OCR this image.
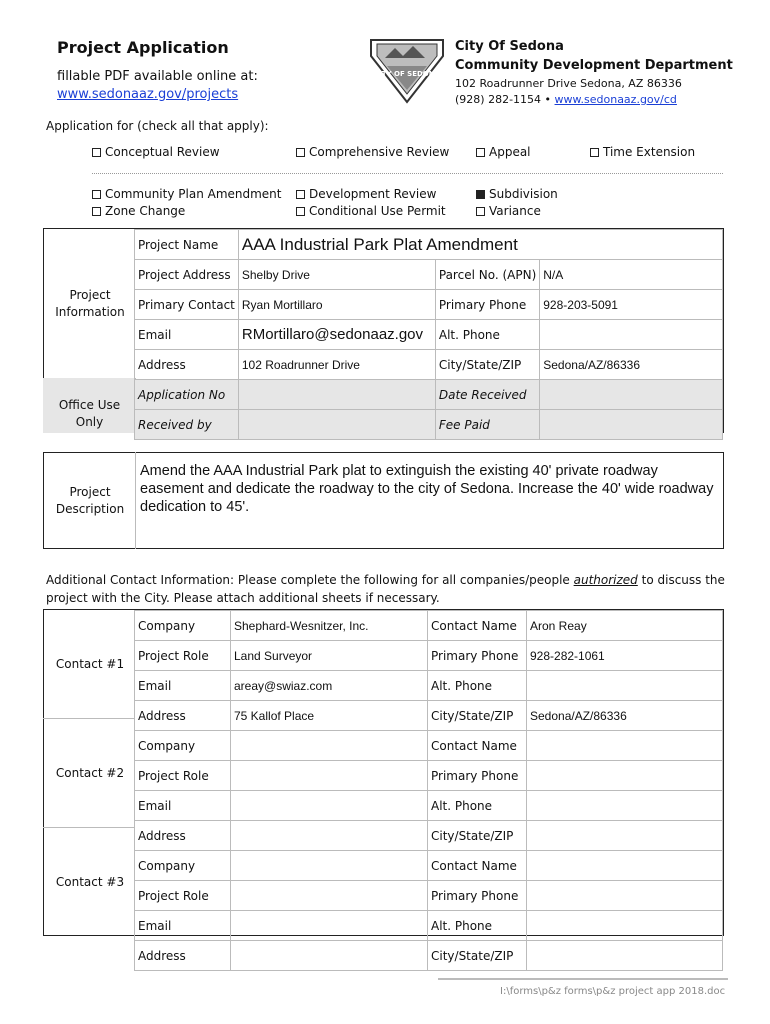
Project Application
fillable PDF available online at:
www.sedonaaz.gov/projects
CITY OF SEDONA
City Of Sedona
Community Development Department
102 Roadrunner Drive Sedona, AZ 86336
(928) 282-1154 • www.sedonaaz.gov/cd
Application for (check all that apply):
Conceptual Review	Comprehensive Review	Appeal	Time Extension
Community Plan Amendment
Zone Change
Development Review
Conditional Use Permit
Subdivision
Variance
Project Information
Office Use Only
Project Name	AAA Industrial Park Plat Amendment		
Project Address	Shelby Drive	Parcel No. (APN)	N/A
Primary Contact	Ryan Mortillaro	Primary Phone	928-203-5091
Email	RMortillaro@sedonaaz.gov	Alt. Phone	
Address	102 Roadrunner Drive	City/State/ZIP	Sedona/AZ/86336
Application No		Date Received	
Received by		Fee Paid	
Project Description
Amend the AAA Industrial Park plat to extinguish the existing 40' private roadway easement and dedicate the roadway to the city of Sedona. Increase the 40' wide roadway dedication to 45'.
Additional Contact Information: Please complete the following for all companies/people authorized to discuss the project with the City. Please attach additional sheets if necessary.
Contact #1
Contact #2
Contact #3
Company	Shephard-Wesnitzer, Inc.	Contact Name	Aron Reay
Project Role	Land Surveyor	Primary Phone	928-282-1061
Email	areay@swiaz.com	Alt. Phone	
Address	75 Kallof Place	City/State/ZIP	Sedona/AZ/86336
Company		Contact Name	
Project Role		Primary Phone	
Email		Alt. Phone	
Address		City/State/ZIP	
Company		Contact Name	
Project Role		Primary Phone	
Email		Alt. Phone	
Address		City/State/ZIP	
I:\forms\p&z forms\p&z project app 2018.doc
